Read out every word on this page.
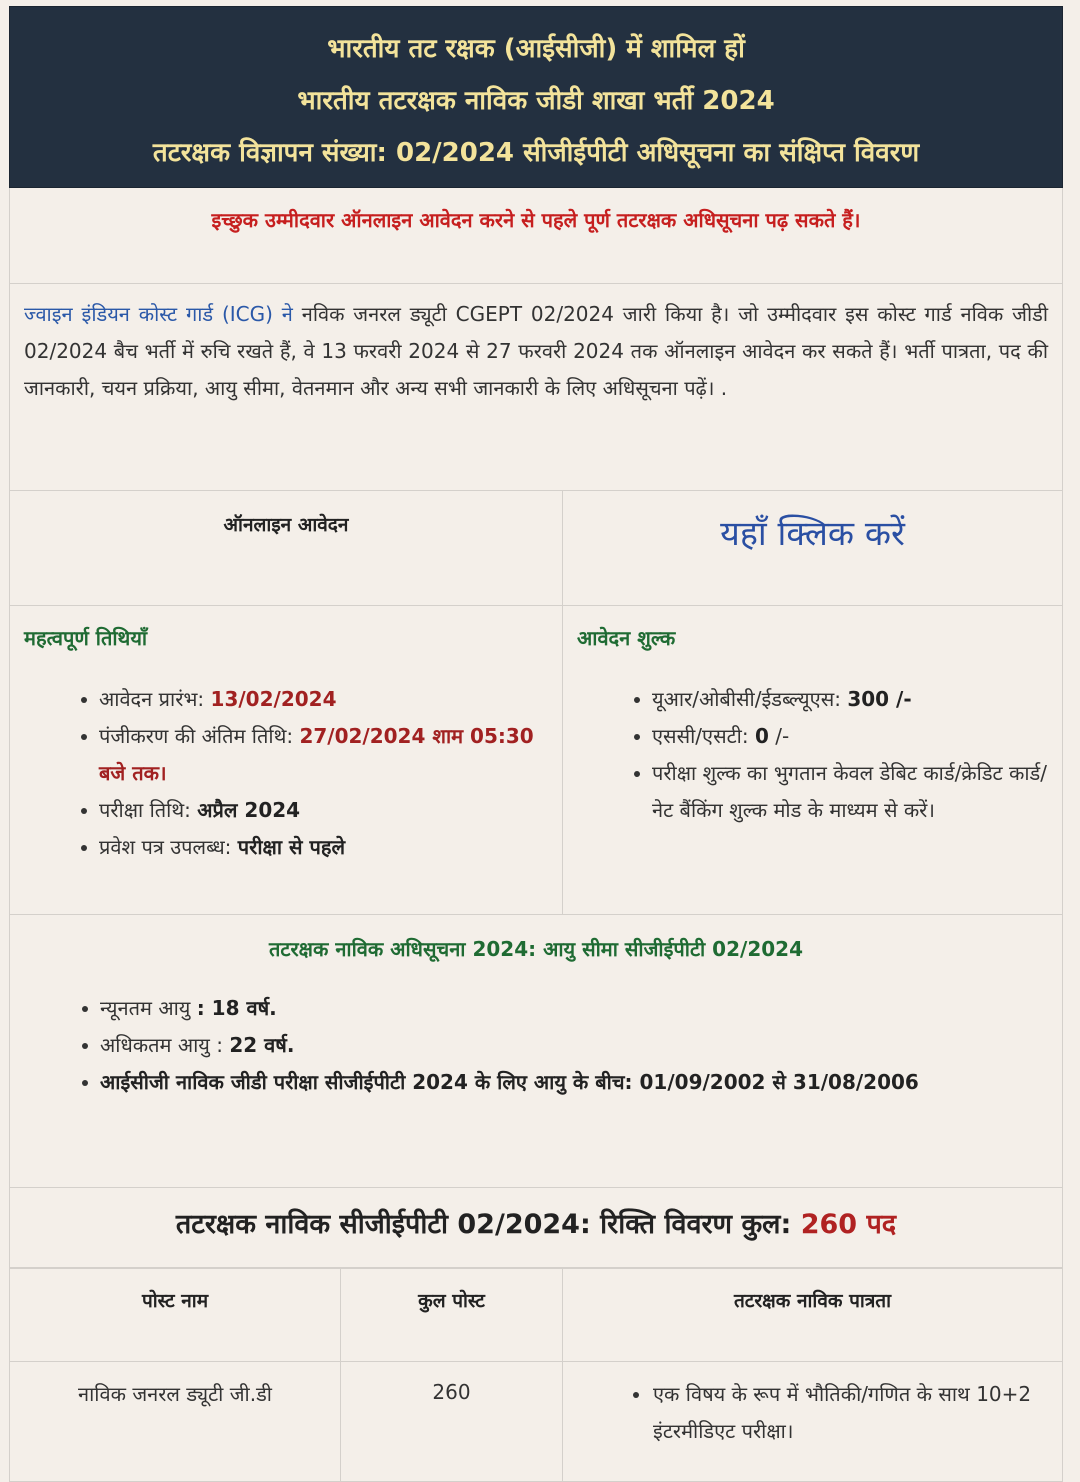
भारतीय तट रक्षक (आईसीजी) में शामिल हों
भारतीय तटरक्षक नाविक जीडी शाखा भर्ती 2024
तटरक्षक विज्ञापन संख्या: 02/2024 सीजीईपीटी अधिसूचना का संक्षिप्त विवरण
इच्छुक उम्मीदवार ऑनलाइन आवेदन करने से पहले पूर्ण तटरक्षक अधिसूचना पढ़ सकते हैं।
ज्वाइन इंडियन कोस्ट गार्ड (ICG) ने नविक जनरल ड्यूटी CGEPT 02/2024 जारी किया है। जो उम्मीदवार इस कोस्ट गार्ड नविक जीडी 02/2024 बैच भर्ती में रुचि रखते हैं, वे 13 फरवरी 2024 से 27 फरवरी 2024 तक ऑनलाइन आवेदन कर सकते हैं। भर्ती पात्रता, पद की जानकारी, चयन प्रक्रिया, आयु सीमा, वेतनमान और अन्य सभी जानकारी के लिए अधिसूचना पढ़ें। .
ऑनलाइन आवेदन	यहाँ क्लिक करें
महत्वपूर्ण तिथियाँ
आवेदन प्रारंभ: 13/02/2024
पंजीकरण की अंतिम तिथि: 27/02/2024 शाम 05:30 बजे तक।
परीक्षा तिथि: अप्रैल 2024
प्रवेश पत्र उपलब्ध: परीक्षा से पहले
आवेदन शुल्क
यूआर/ओबीसी/ईडब्ल्यूएस: 300 /-
एससी/एसटी: 0 /-
परीक्षा शुल्क का भुगतान केवल डेबिट कार्ड/क्रेडिट कार्ड/नेट बैंकिंग शुल्क मोड के माध्यम से करें।
तटरक्षक नाविक अधिसूचना 2024: आयु सीमा सीजीईपीटी 02/2024
न्यूनतम आयु : 18 वर्ष.
अधिकतम आयु : 22 वर्ष.
आईसीजी नाविक जीडी परीक्षा सीजीईपीटी 2024 के लिए आयु के बीच: 01/09/2002 से 31/08/2006
तटरक्षक नाविक सीजीईपीटी 02/2024: रिक्ति विवरण कुल: 260 पद
पोस्ट नाम	कुल पोस्ट	तटरक्षक नाविक पात्रता
नाविक जनरल ड्यूटी जी.डी	260	एक विषय के रूप में भौतिकी/गणित के साथ 10+2 इंटरमीडिएट परीक्षा।
